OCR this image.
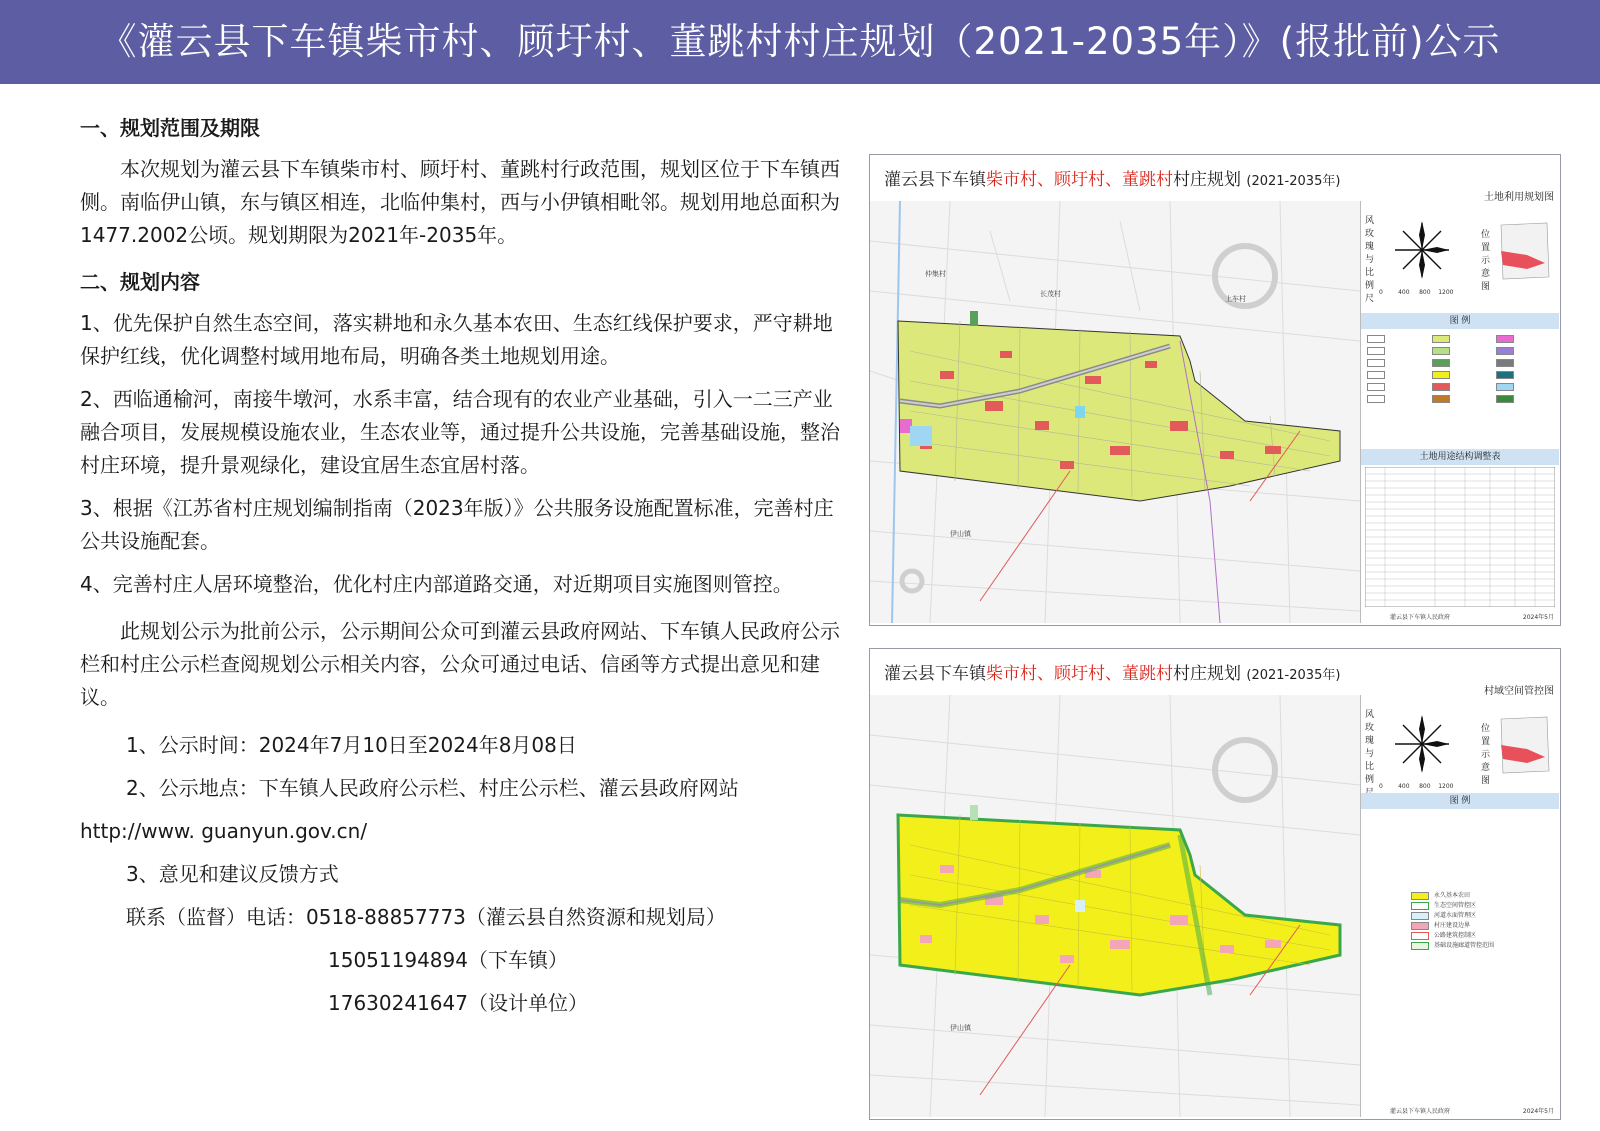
《灌云县下车镇柴市村、顾圩村、董跳村村庄规划（2021-2035年）》(报批前)公示

一、规划范围及期限

本次规划为灌云县下车镇柴市村、顾圩村、董跳村行政范围，规划区位于下车镇西侧。南临伊山镇，东与镇区相连，北临仲集村，西与小伊镇相毗邻。规划用地总面积为1477.2002公顷。规划期限为2021年-2035年。

二、规划内容

1、优先保护自然生态空间，落实耕地和永久基本农田、生态红线保护要求，严守耕地保护红线，优化调整村域用地布局，明确各类土地规划用途。

2、西临通榆河，南接牛墩河，水系丰富，结合现有的农业产业基础，引入一二三产业融合项目，发展规模设施农业，生态农业等，通过提升公共设施，完善基础设施，整治村庄环境，提升景观绿化，建设宜居生态宜居村落。

3、根据《江苏省村庄规划编制指南（2023年版）》公共服务设施配置标准，完善村庄公共设施配套。

4、完善村庄人居环境整治，优化村庄内部道路交通，对近期项目实施图则管控。

此规划公示为批前公示，公示期间公众可到灌云县政府网站、下车镇人民政府公示栏和村庄公示栏查阅规划公示相关内容，公众可通过电话、信函等方式提出意见和建议。

1、公示时间：2024年7月10日至2024年8月08日

2、公示地点：下车镇人民政府公示栏、村庄公示栏、灌云县政府网站

http://www. guanyun.gov.cn/

3、意见和建议反馈方式

联系（监督）电话：0518-88857773（灌云县自然资源和规划局）

15051194894（下车镇）

17630241647（设计单位）

灌云县下车镇柴市村、顾圩村、董跳村村庄规划 (2021-2035年)
土地利用规划图
仲集村
长茂村
上车村
伊山镇
风玫瑰与比例尺
0	400 800 1200
位置示意图
图 例
土地用途结构调整表
灌云县下车镇人民政府	2024年5月
灌云县下车镇柴市村、顾圩村、董跳村村庄规划 (2021-2035年)
村域空间管控图
伊山镇
风玫瑰与比例
0	400 800 1200
位置示意图
图 例
永久基本农田
生态空间管控区
河道水面管理区
村庄建设边界
公路建筑控制区
基础设施廊道管控范围
灌云县下车镇人民政府	2024年5月
